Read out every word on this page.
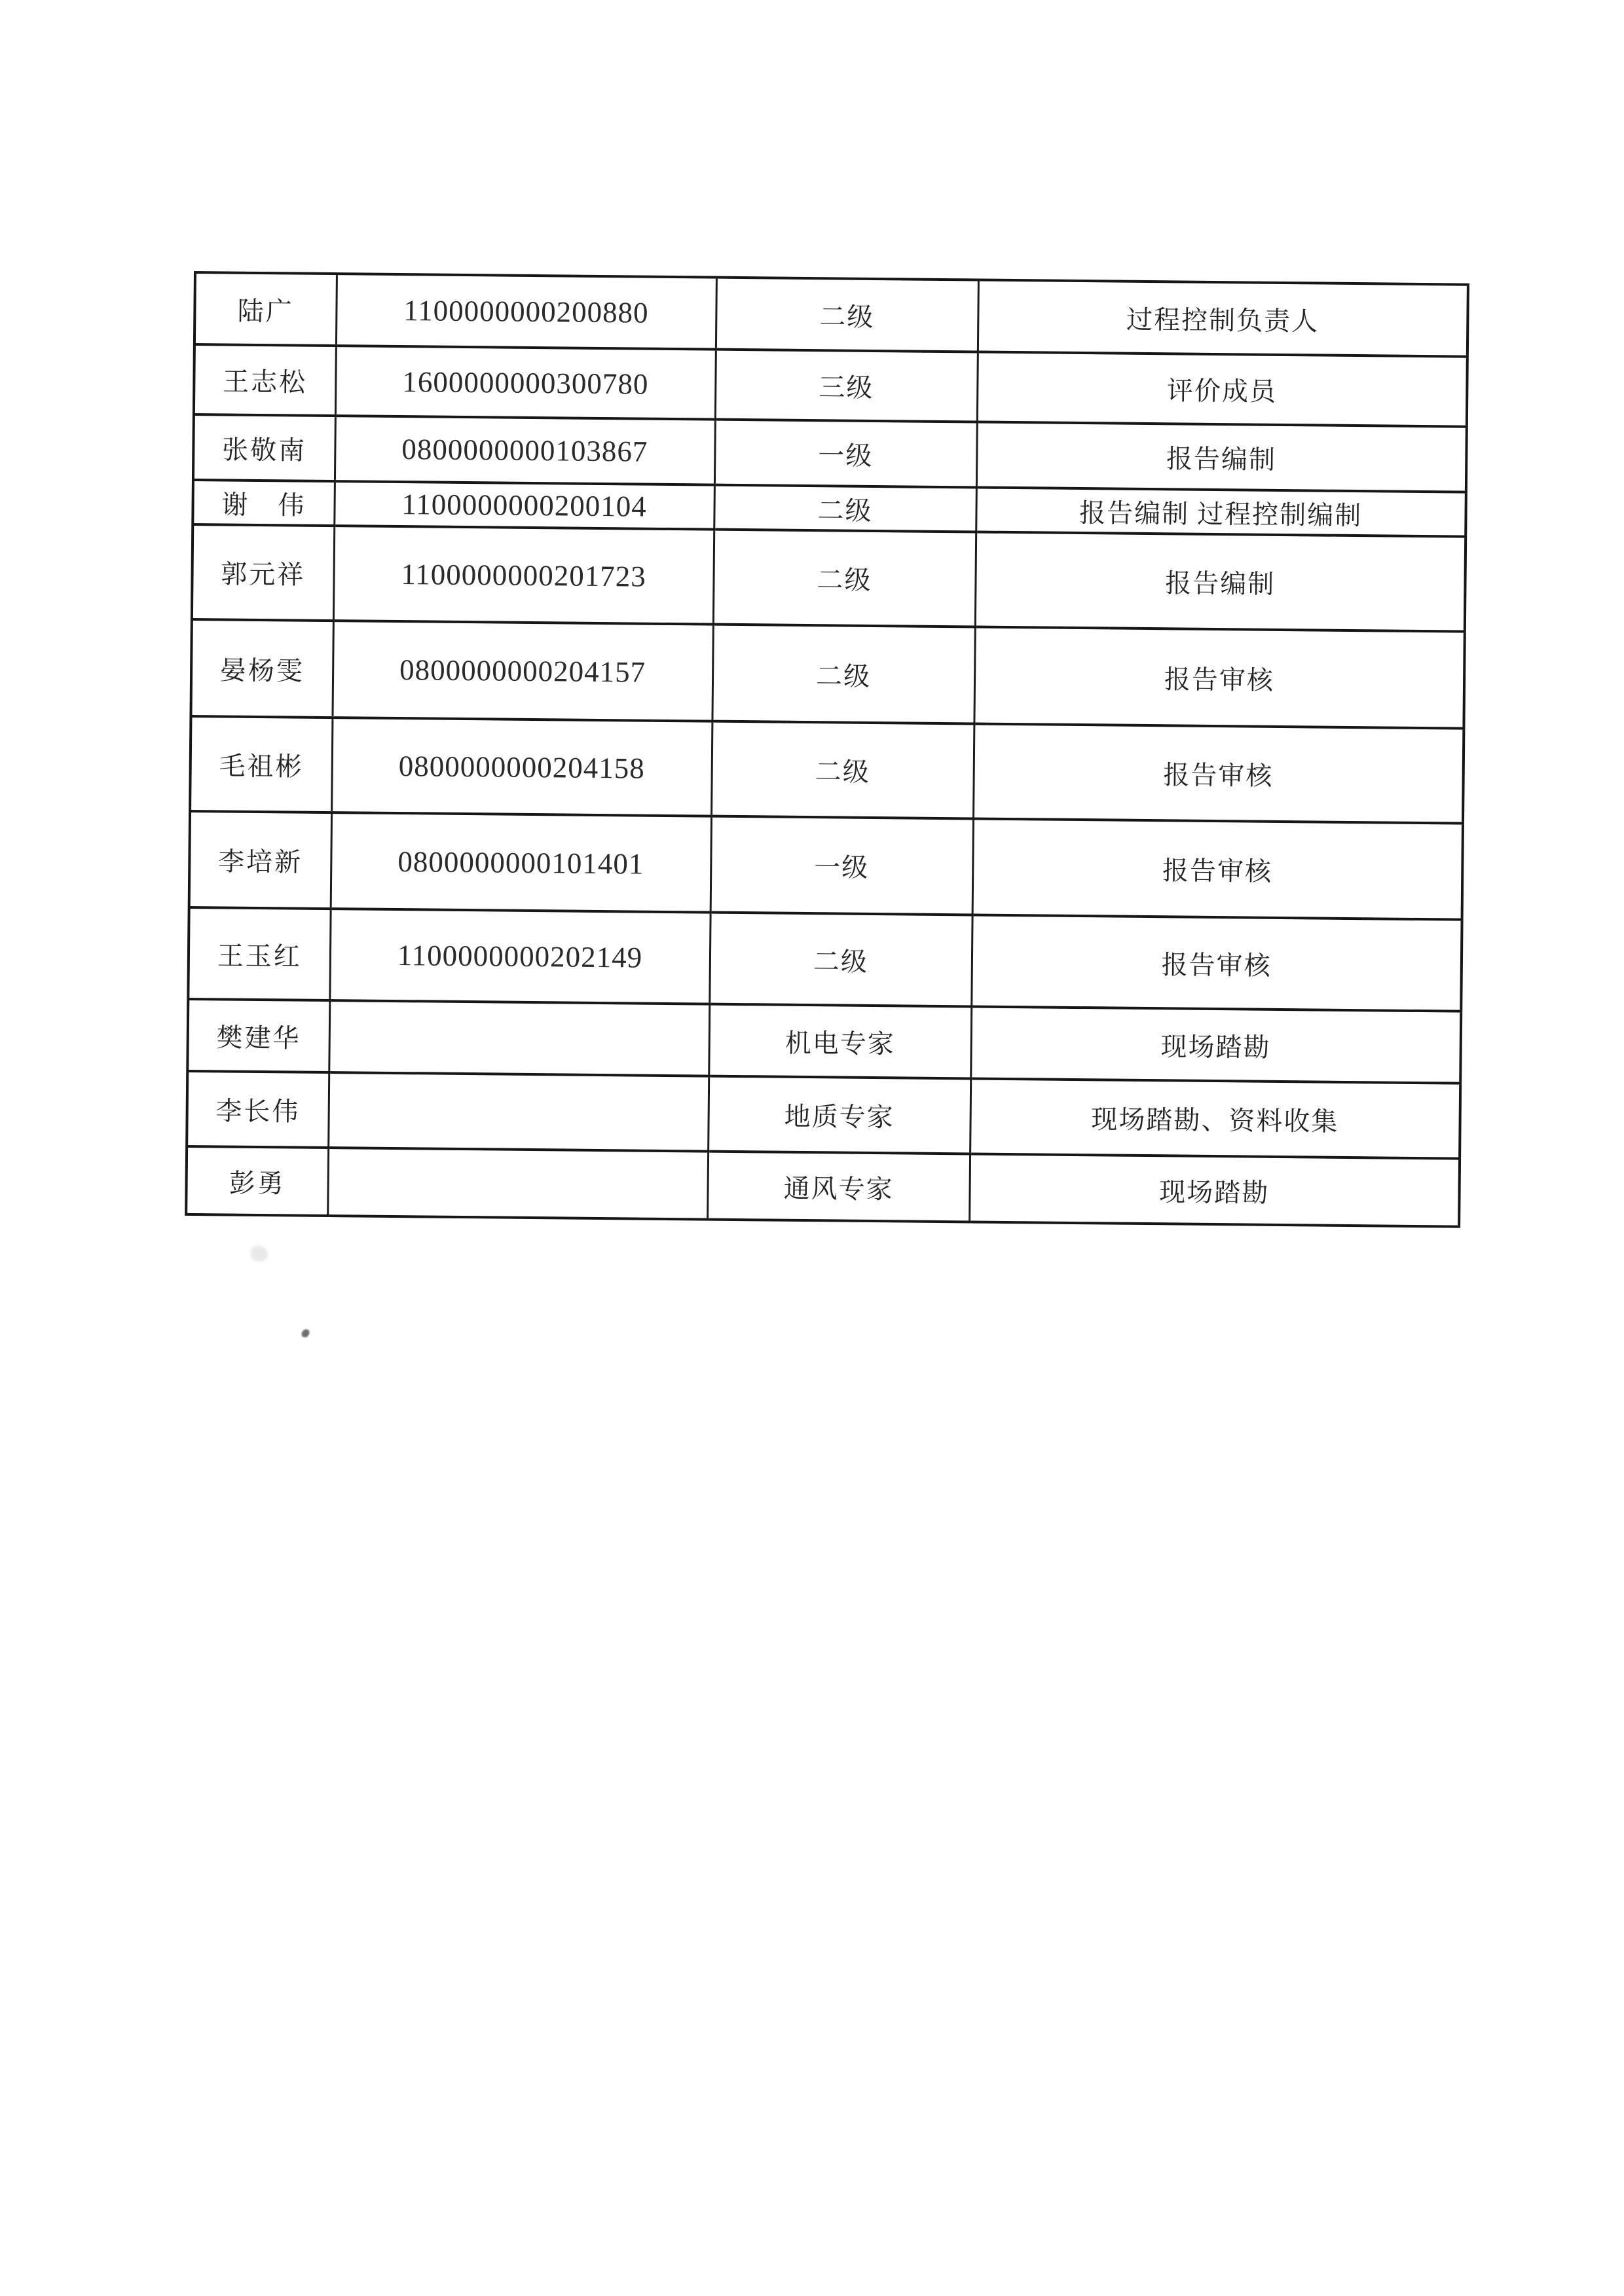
陆广	1100000000200880	二级	过程控制负责人
王志松	1600000000300780	三级	评价成员
张敬南	0800000000103867	一级	报告编制
谢　伟	1100000000200104	二级	报告编制 过程控制编制
郭元祥	1100000000201723	二级	报告编制
晏杨雯	0800000000204157	二级	报告审核
毛祖彬	0800000000204158	二级	报告审核
李培新	0800000000101401	一级	报告审核
王玉红	1100000000202149	二级	报告审核
樊建华		机电专家	现场踏勘
李长伟		地质专家	现场踏勘、资料收集
彭勇		通风专家	现场踏勘
